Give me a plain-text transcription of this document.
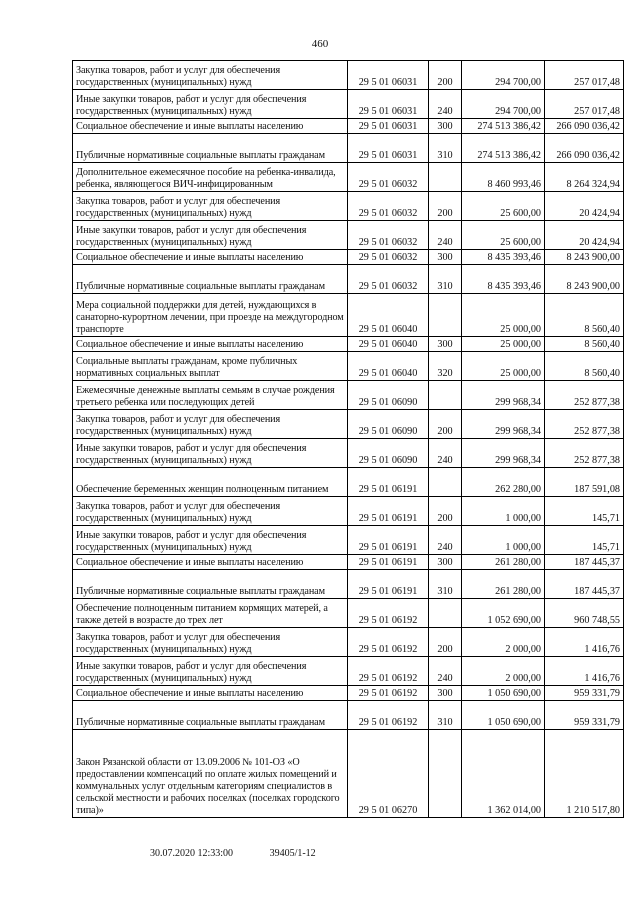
460
Закупка товаров, работ и услуг для обеспечения государственных (муниципальных) нужд	29 5 01 06031	200	294 700,00	257 017,48

Иные закупки товаров, работ и услуг для обеспечения государственных (муниципальных) нужд	29 5 01 06031	240	294 700,00	257 017,48

Социальное обеспечение и иные выплаты населению	29 5 01 06031	300	274 513 386,42	266 090 036,42

Публичные нормативные социальные выплаты гражданам	29 5 01 06031	310	274 513 386,42	266 090 036,42

Дополнительное ежемесячное пособие на ребенка-инвалида, ребенка, являющегося ВИЧ-инфицированным	29 5 01 06032		8 460 993,46	8 264 324,94

Закупка товаров, работ и услуг для обеспечения государственных (муниципальных) нужд	29 5 01 06032	200	25 600,00	20 424,94

Иные закупки товаров, работ и услуг для обеспечения государственных (муниципальных) нужд	29 5 01 06032	240	25 600,00	20 424,94

Социальное обеспечение и иные выплаты населению	29 5 01 06032	300	8 435 393,46	8 243 900,00

Публичные нормативные социальные выплаты гражданам	29 5 01 06032	310	8 435 393,46	8 243 900,00

Мера социальной поддержки для детей, нуждающихся в санаторно-курортном лечении, при проезде на междугородном транспорте	29 5 01 06040		25 000,00	8 560,40

Социальное обеспечение и иные выплаты населению	29 5 01 06040	300	25 000,00	8 560,40

Социальные выплаты гражданам, кроме публичных нормативных социальных выплат	29 5 01 06040	320	25 000,00	8 560,40

Ежемесячные денежные выплаты семьям в случае рождения третьего ребенка или последующих детей	29 5 01 06090		299 968,34	252 877,38

Закупка товаров, работ и услуг для обеспечения государственных (муниципальных) нужд	29 5 01 06090	200	299 968,34	252 877,38

Иные закупки товаров, работ и услуг для обеспечения государственных (муниципальных) нужд	29 5 01 06090	240	299 968,34	252 877,38

Обеспечение беременных женщин полноценным питанием	29 5 01 06191		262 280,00	187 591,08

Закупка товаров, работ и услуг для обеспечения государственных (муниципальных) нужд	29 5 01 06191	200	1 000,00	145,71

Иные закупки товаров, работ и услуг для обеспечения государственных (муниципальных) нужд	29 5 01 06191	240	1 000,00	145,71

Социальное обеспечение и иные выплаты населению	29 5 01 06191	300	261 280,00	187 445,37

Публичные нормативные социальные выплаты гражданам	29 5 01 06191	310	261 280,00	187 445,37

Обеспечение полноценным питанием кормящих матерей, а также детей в возрасте до трех лет	29 5 01 06192		1 052 690,00	960 748,55

Закупка товаров, работ и услуг для обеспечения государственных (муниципальных) нужд	29 5 01 06192	200	2 000,00	1 416,76

Иные закупки товаров, работ и услуг для обеспечения государственных (муниципальных) нужд	29 5 01 06192	240	2 000,00	1 416,76

Социальное обеспечение и иные выплаты населению	29 5 01 06192	300	1 050 690,00	959 331,79

Публичные нормативные социальные выплаты гражданам	29 5 01 06192	310	1 050 690,00	959 331,79

Закон Рязанской области от 13.09.2006 № 101-ОЗ «О предоставлении компенсаций по оплате жилых помещений и коммунальных услуг отдельным категориям специалистов в сельской местности и рабочих поселках (поселках городского типа)»	29 5 01 06270		1 362 014,00	1 210 517,80
30.07.2020 12:33:00	39405/1-12
